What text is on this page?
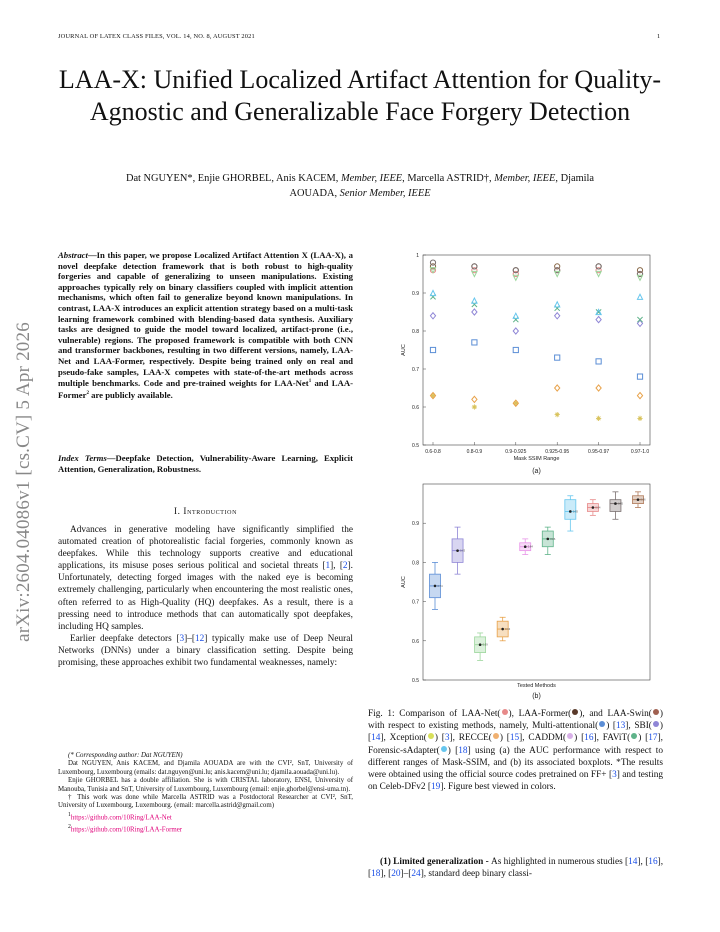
JOURNAL OF LATEX CLASS FILES, VOL. 14, NO. 8, AUGUST 2021	1
LAA-X: Unified Localized Artifact Attention for Quality-Agnostic and Generalizable Face Forgery Detection
Dat NGUYEN*, Enjie GHORBEL, Anis KACEM, Member, IEEE, Marcella ASTRID†, Member, IEEE, Djamila
AOUADA, Senior Member, IEEE
arXiv:2604.04086v1 [cs.CV] 5 Apr 2026
Abstract—In this paper, we propose Localized Artifact Attention X (LAA-X), a novel deepfake detection framework that is both robust to high-quality forgeries and capable of generalizing to unseen manipulations. Existing approaches typically rely on binary classifiers coupled with implicit attention mechanisms, which often fail to generalize beyond known manipulations. In contrast, LAA-X introduces an explicit attention strategy based on a multi-task learning framework combined with blending-based data synthesis. Auxiliary tasks are designed to guide the model toward localized, artifact-prone (i.e., vulnerable) regions. The proposed framework is compatible with both CNN and transformer backbones, resulting in two different versions, namely, LAA-Net and LAA-Former, respectively. Despite being trained only on real and pseudo-fake samples, LAA-X competes with state-of-the-art methods across multiple benchmarks. Code and pre-trained weights for LAA-Net$^1$ and LAA-Former$^2$ are publicly available.
Index Terms—Deepfake Detection, Vulnerability-Aware Learning, Explicit Attention, Generalization, Robustness.
I. Introduction

Advances in generative modeling have significantly simplified the automated creation of photorealistic facial forgeries, commonly known as deepfakes. While this technology supports creative and educational applications, its misuse poses serious political and societal threats [1], [2]. Unfortunately, detecting forged images with the naked eye is becoming extremely challenging, particularly when encountering the most realistic ones, often referred to as High-Quality (HQ) deepfakes. As a result, there is a pressing need to introduce methods that can automatically spot deepfakes, including HQ samples.

Earlier deepfake detectors [3]–[12] typically make use of Deep Neural Networks (DNNs) under a binary classification setting. Despite being promising, these approaches exhibit two fundamental weaknesses, namely:

(* Corresponding author: Dat NGUYEN)

Dat NGUYEN, Anis KACEM, and Djamila AOUADA are with the CVI², SnT, University of Luxembourg, Luxembourg (emails: dat.nguyen@uni.lu; anis.kacem@uni.lu; djamila.aouada@uni.lu).

Enjie GHORBEL has a double affiliation. She is with CRISTAL laboratory, ENSI, University of Manouba, Tunisia and SnT, University of Luxembourg, Luxembourg (email: enjie.ghorbel@ensi-uma.tn).

† This work was done while Marcella ASTRID was a Postdoctoral Researcher at CVI², SnT, University of Luxembourg, Luxembourg. (email: marcella.astrid@gmail.com)

$^1$https://github.com/10Ring/LAA-Net

$^2$https://github.com/10Ring/LAA-Former

0.5
0.6
0.7
0.8
0.9
1
0.6-0.8	0.8-0.9	0.9-0.925	0.925-0.95	0.95-0.97	0.97-1.0
Mask SSIM Range
AUC
(a)
0.5
0.6
0.7
0.8
0.9
Tested Methods
AUC
(b)
0.74
0.83
0.59
0.63
0.84
0.86
0.93
0.94
0.95
0.96
Fig. 1: Comparison of LAA-Net( ), LAA-Former( ), and LAA-Swin( ) with respect to existing methods, namely, Multi-attentional( ) [13], SBI( ) [14], Xception( ) [3], RECCE( ) [15], CADDM( ) [16], FAViT( ) [17], Forensic-sAdapter( ) [18] using (a) the AUC performance with respect to different ranges of Mask-SSIM, and (b) its associated boxplots. *The results were obtained using the official source codes pretrained on FF+ [3] and testing on Celeb-DFv2 [19]. Figure best viewed in colors.
(1) Limited generalization - As highlighted in numerous studies [14], [16], [18], [20]–[24], standard deep binary classi-
